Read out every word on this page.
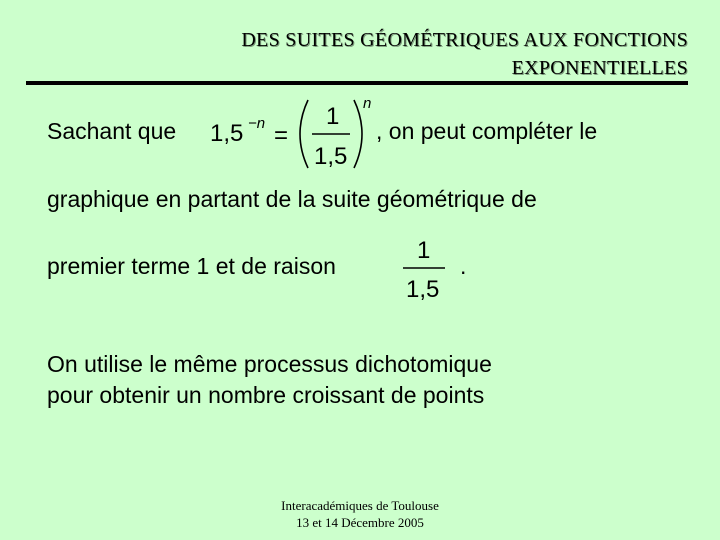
DES SUITES GÉOMÉTRIQUES AUX FONCTIONS
EXPONENTIELLES
Sachant que 1,5 −n =
1
1,5
n
, on peut compléter le
graphique en partant de la suite géométrique de
premier terme 1 et de raison
1
1,5
.
On utilise le même processus dichotomique
pour obtenir un nombre croissant de points
Interacadémiques de Toulouse
13 et 14 Décembre 2005
